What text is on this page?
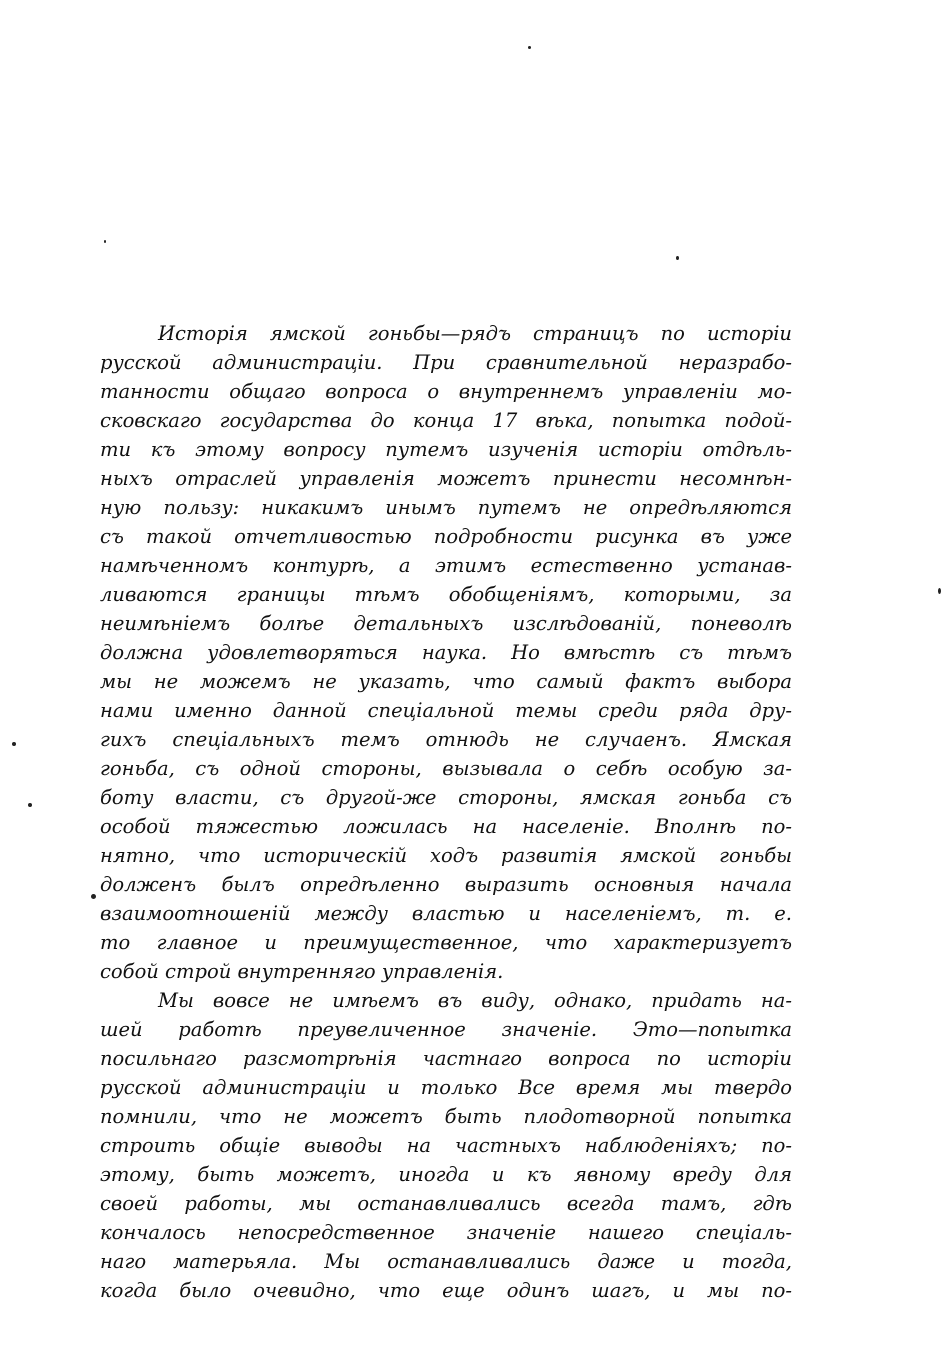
Исторія ямской гоньбы—рядъ страницъ по исторіи
русской администраціи. При сравнительной неразрабо-
танности общаго вопроса о внутреннемъ управленіи мо-
сковскаго государства до конца 17 вѣка, попытка подой-
ти къ этому вопросу путемъ изученія исторіи отдѣль-
ныхъ отраслей управленія можетъ принести несомнѣн-
ную пользу: никакимъ инымъ путемъ не опредѣляются
съ такой отчетливостью подробности рисунка въ уже
намѣченномъ контурѣ, а этимъ естественно устанав-
ливаются границы тѣмъ обобщеніямъ, которыми, за
неимѣніемъ болѣе детальныхъ изслѣдованій, поневолѣ
должна удовлетворяться наука. Но вмѣстѣ съ тѣмъ
мы не можемъ не указать, что самый фактъ выбора
нами именно данной спеціальной темы среди ряда дру-
гихъ спеціальныхъ темъ отнюдь не случаенъ. Ямская
гоньба, съ одной стороны, вызывала о себѣ особую за-
боту власти, съ другой-же стороны, ямская гоньба съ
особой тяжестью ложилась на населеніе. Вполнѣ по-
нятно, что историческій ходъ развитія ямской гоньбы
долженъ былъ опредѣленно выразить основныя начала
взаимоотношеній между властью и населеніемъ, т. е.
то главное и преимущественное, что характеризуетъ
собой строй внутренняго управленія.
Мы вовсе не имѣемъ въ виду, однако, придать на-
шей работѣ преувеличенное значеніе. Это—попытка
посильнаго разсмотрѣнія частнаго вопроса по исторіи
русской администраціи и только Все время мы твердо
помнили, что не можетъ быть плодотворной попытка
строить общіе выводы на частныхъ наблюденіяхъ; по-
этому, быть можетъ, иногда и къ явному вреду для
своей работы, мы останавливались всегда тамъ, гдѣ
кончалось непосредственное значеніе нашего спеціаль-
наго матерьяла. Мы останавливались даже и тогда,
когда было очевидно, что еще одинъ шагъ, и мы по-
